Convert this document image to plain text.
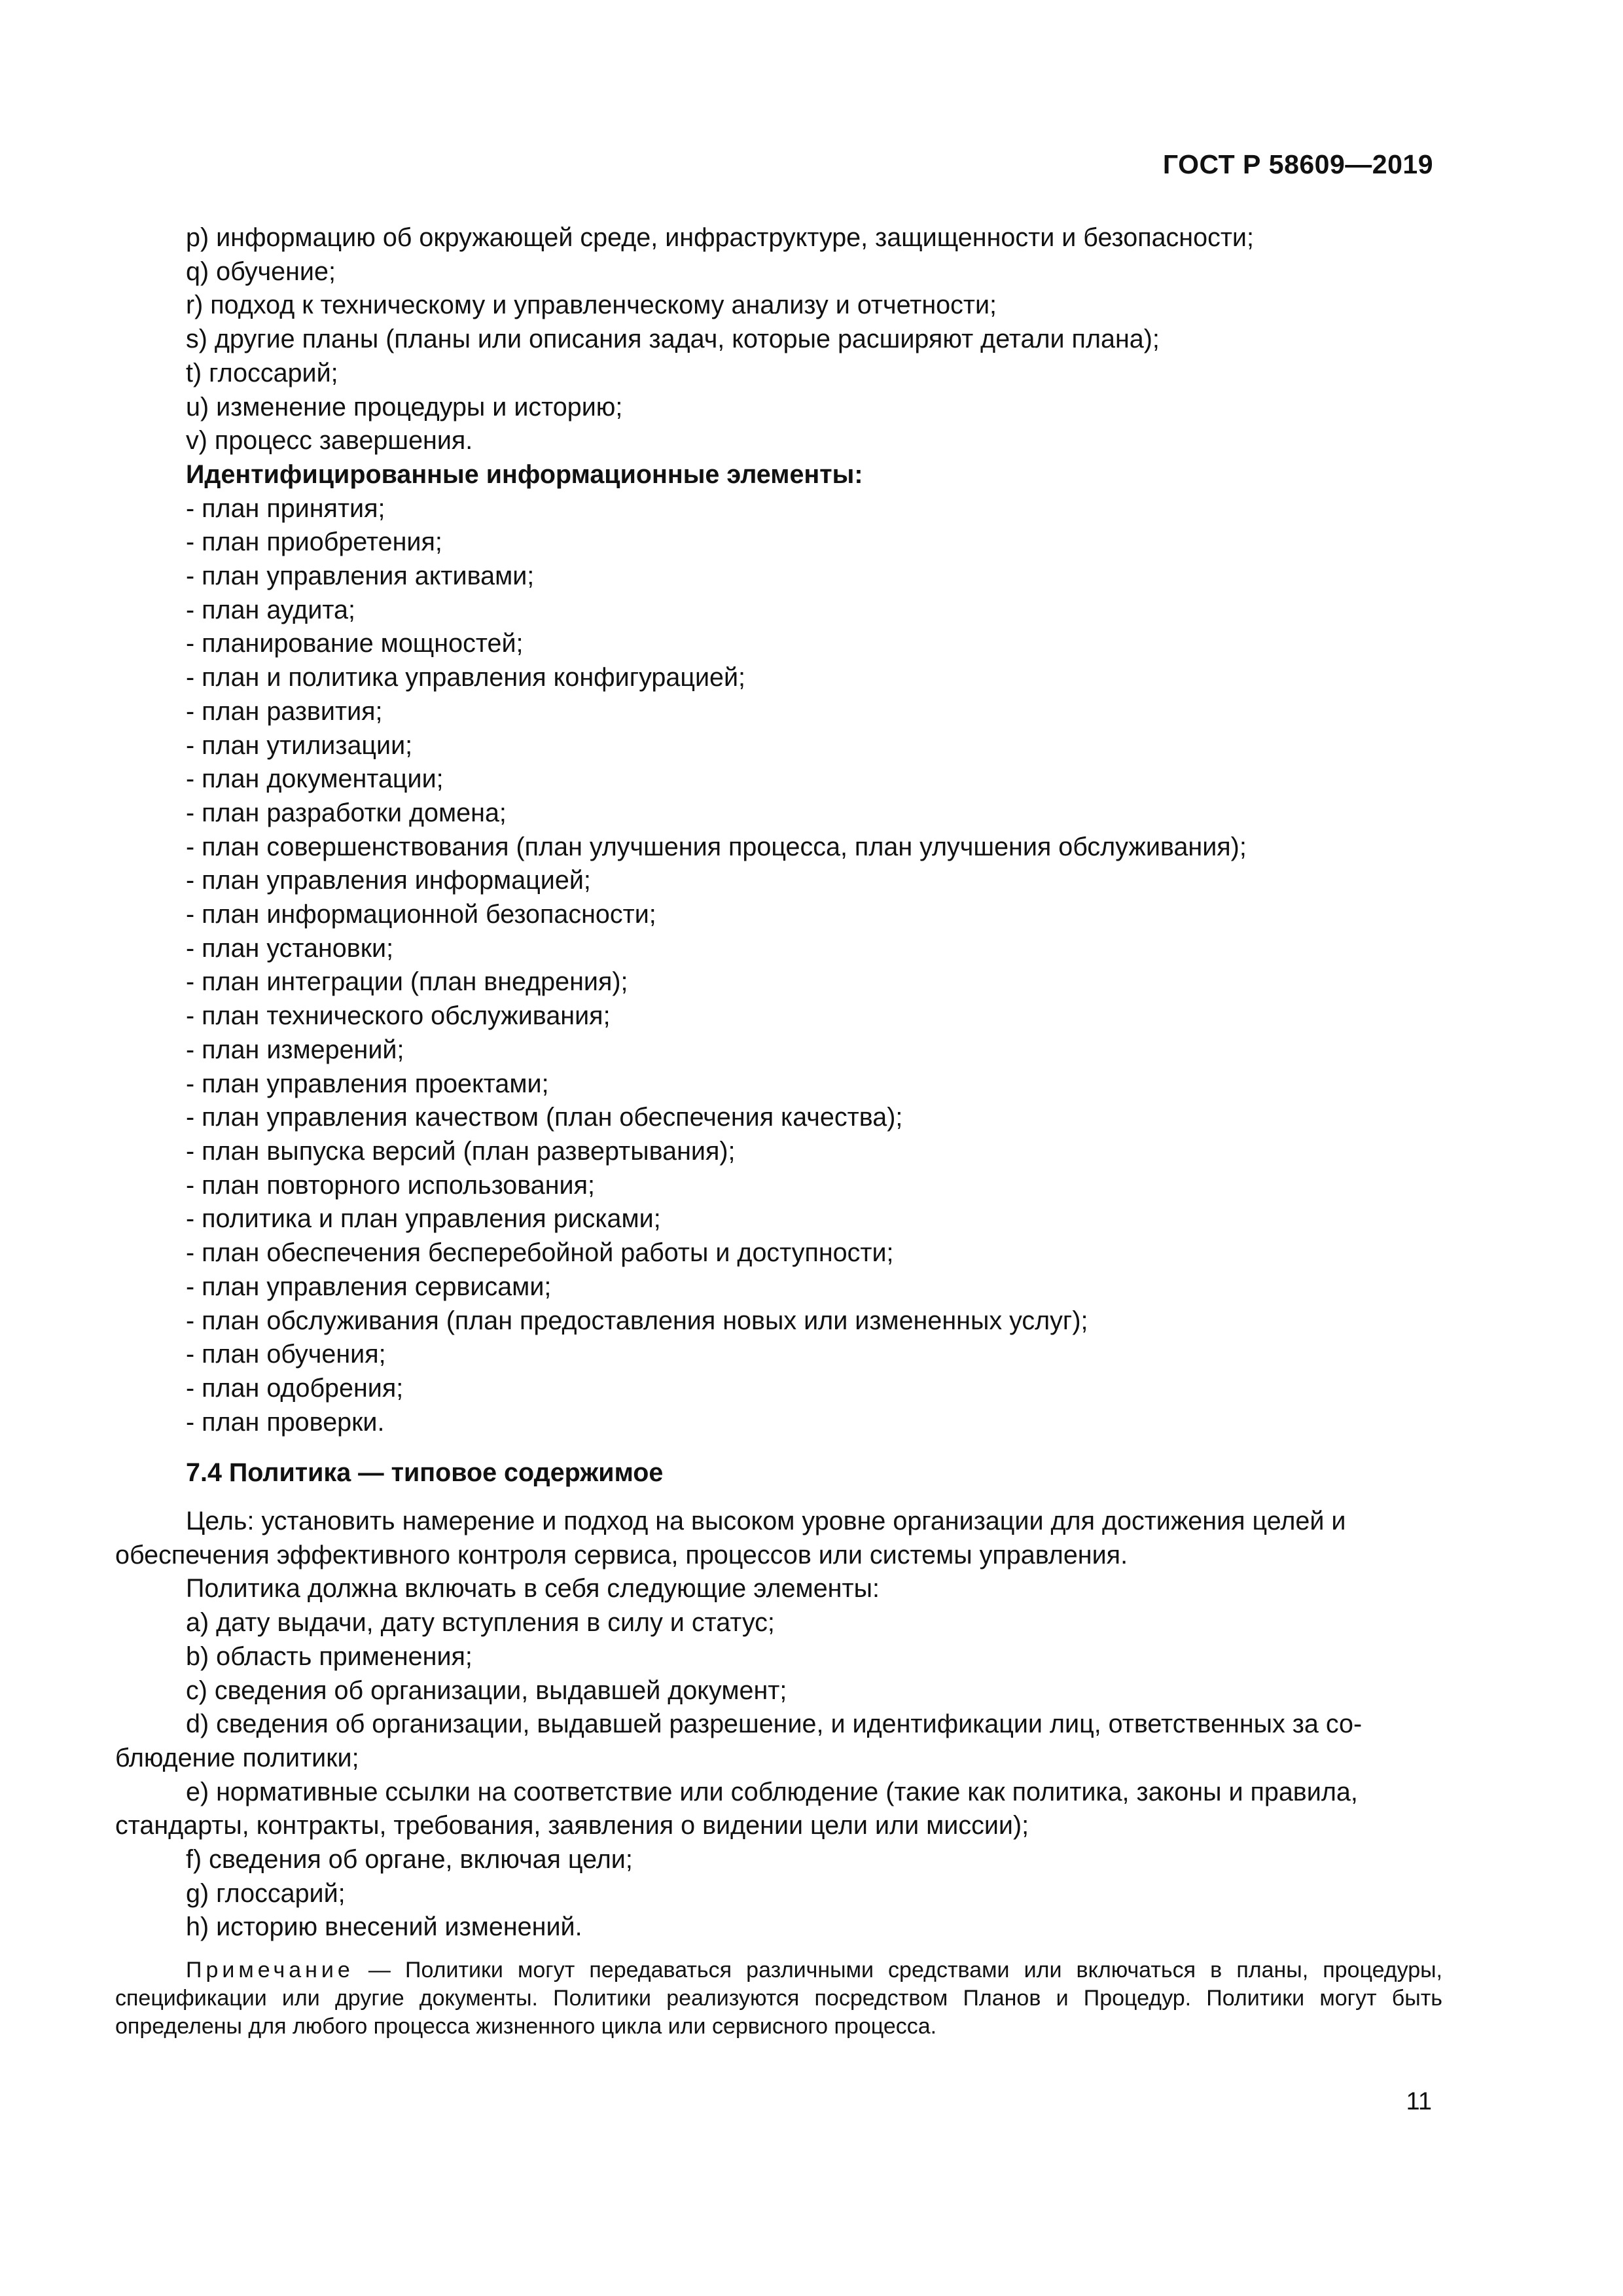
ГОСТ Р 58609—2019
p) информацию об окружающей среде, инфраструктуре, защищенности и безопасности;
q) обучение;
r) подход к техническому и управленческому анализу и отчетности;
s) другие планы (планы или описания задач, которые расширяют детали плана);
t) глоссарий;
u) изменение процедуры и историю;
v) процесс завершения.
Идентифицированные информационные элементы:
- план принятия;
- план приобретения;
- план управления активами;
- план аудита;
- планирование мощностей;
- план и политика управления конфигурацией;
- план развития;
- план утилизации;
- план документации;
- план разработки домена;
- план совершенствования (план улучшения процесса, план улучшения обслуживания);
- план управления информацией;
- план информационной безопасности;
- план установки;
- план интеграции (план внедрения);
- план технического обслуживания;
- план измерений;
- план управления проектами;
- план управления качеством (план обеспечения качества);
- план выпуска версий (план развертывания);
- план повторного использования;
- политика и план управления рисками;
- план обеспечения бесперебойной работы и доступности;
- план управления сервисами;
- план обслуживания (план предоставления новых или измененных услуг);
- план обучения;
- план одобрения;
- план проверки.
7.4 Политика — типовое содержимое
Цель: установить намерение и подход на высоком уровне организации для достижения целей и
обеспечения эффективного контроля сервиса, процессов или системы управления.
Политика должна включать в себя следующие элементы:
a) дату выдачи, дату вступления в силу и статус;
b) область применения;
c) сведения об организации, выдавшей документ;
d) сведения об организации, выдавшей разрешение, и идентификации лиц, ответственных за со-
блюдение политики;
e) нормативные ссылки на соответствие или соблюдение (такие как политика, законы и правила,
стандарты, контракты, требования, заявления о видении цели или миссии);
f) сведения об органе, включая цели;
g) глоссарий;
h) историю внесений изменений.
Примечание — Политики могут передаваться различными средствами или включаться в планы, процедуры, спецификации или другие документы. Политики реализуются посредством Планов и Процедур. Политики могут быть определены для любого процесса жизненного цикла или сервисного процесса.
11
